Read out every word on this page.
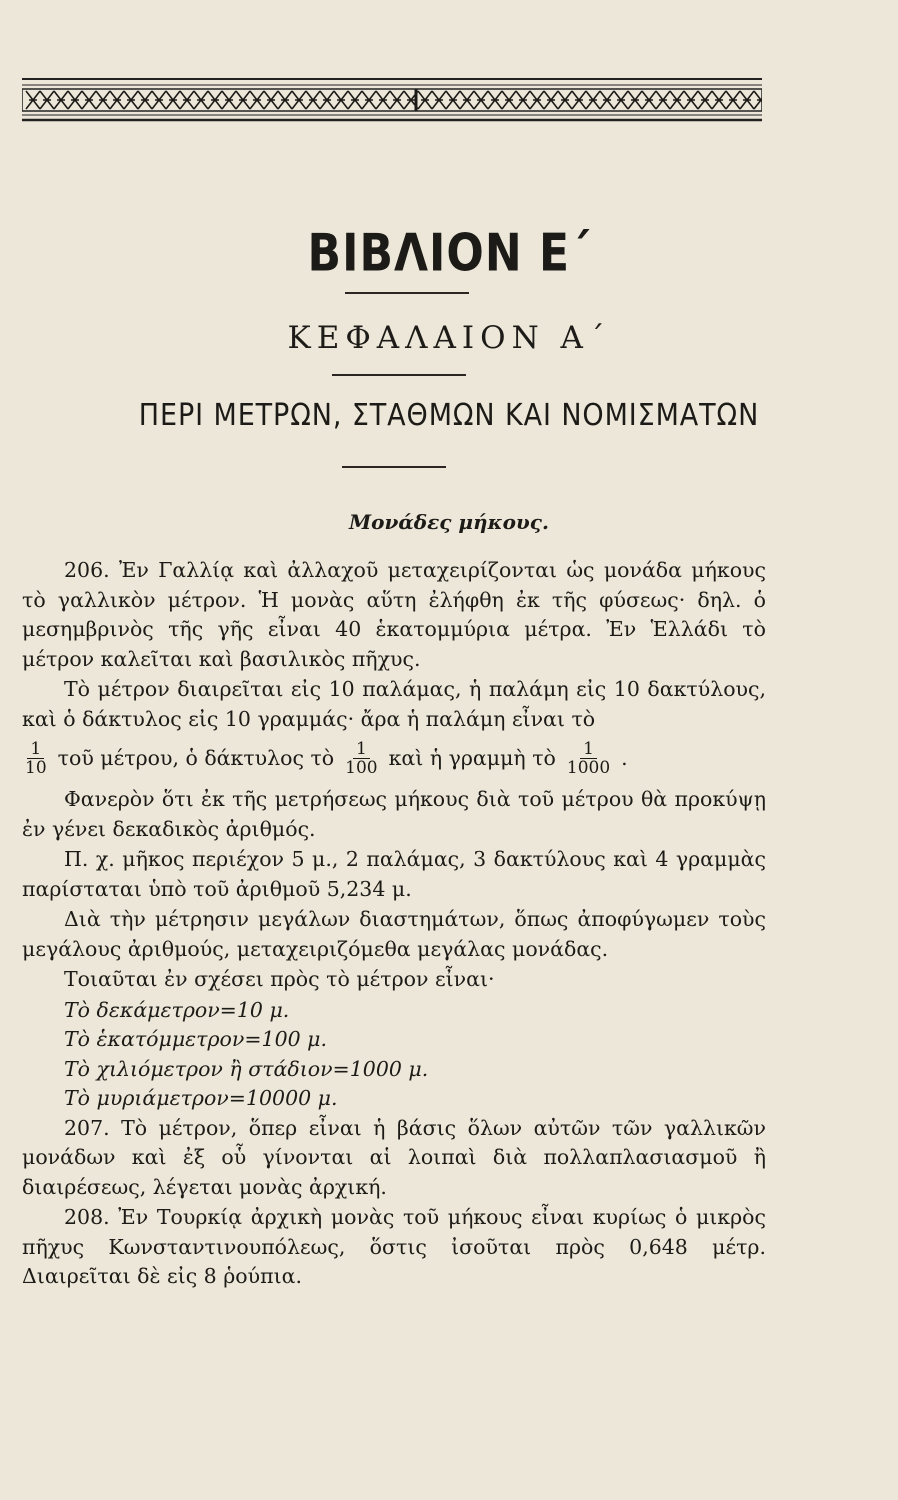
ΒΙΒΛΙΟΝ Ε΄
ΚΕΦΑΛΑΙΟΝ Α΄
ΠΕΡΙ ΜΕΤΡΩΝ, ΣΤΑΘΜΩΝ ΚΑΙ ΝΟΜΙΣΜΑΤΩΝ
Μονάδες μήκους.

206. Ἐν Γαλλίᾳ καὶ ἀλλαχοῦ μεταχειρίζονται ὡς μονάδα μήκους τὸ γαλλικὸν μέτρον. Ἡ μονὰς αὕτη ἐλήφθη ἐκ τῆς φύσεως· δηλ. ὁ μεσημβρινὸς τῆς γῆς εἶναι 40 ἑκατομμύρια μέτρα. Ἐν Ἑλλάδι τὸ μέτρον καλεῖται καὶ βασιλικὸς πῆχυς.

Τὸ μέτρον διαιρεῖται εἰς 10 παλάμας, ἡ παλάμη εἰς 10 δακτύλους, καὶ ὁ δάκτυλος εἰς 10 γραμμάς· ἄρα ἡ παλάμη εἶναι τὸ

$\frac{1}{10}$ τοῦ μέτρου, ὁ δάκτυλος τὸ $\frac{1}{100}$ καὶ ἡ γραμμὴ τὸ $\frac{1}{1000}$ .

Φανερὸν ὅτι ἐκ τῆς μετρήσεως μήκους διὰ τοῦ μέτρου θὰ προκύψῃ ἐν γένει δεκαδικὸς ἀριθμός.

Π. χ. μῆκος περιέχον 5 μ., 2 παλάμας, 3 δακτύλους καὶ 4 γραμμὰς παρίσταται ὑπὸ τοῦ ἀριθμοῦ 5,234 μ.

Διὰ τὴν μέτρησιν μεγάλων διαστημάτων, ὅπως ἀποφύγωμεν τοὺς μεγάλους ἀριθμούς, μεταχειριζόμεθα μεγάλας μονάδας.

Τοιαῦται ἐν σχέσει πρὸς τὸ μέτρον εἶναι·

Τὸ δεκάμετρον=10 μ.
Τὸ ἑκατόμμετρον=100 μ.
Τὸ χιλιόμετρον ἢ στάδιον=1000 μ.
Τὸ μυριάμετρον=10000 μ.

207. Τὸ μέτρον, ὅπερ εἶναι ἡ βάσις ὅλων αὐτῶν τῶν γαλλικῶν μονάδων καὶ ἐξ οὗ γίνονται αἱ λοιπαὶ διὰ πολλαπλασιασμοῦ ἢ διαιρέσεως, λέγεται μονὰς ἀρχική.

208. Ἐν Τουρκίᾳ ἀρχικὴ μονὰς τοῦ μήκους εἶναι κυρίως ὁ μικρὸς πῆχυς Κωνσταντινουπόλεως, ὅστις ἰσοῦται πρὸς 0,648 μέτρ. Διαιρεῖται δὲ εἰς 8 ῥούπια.
